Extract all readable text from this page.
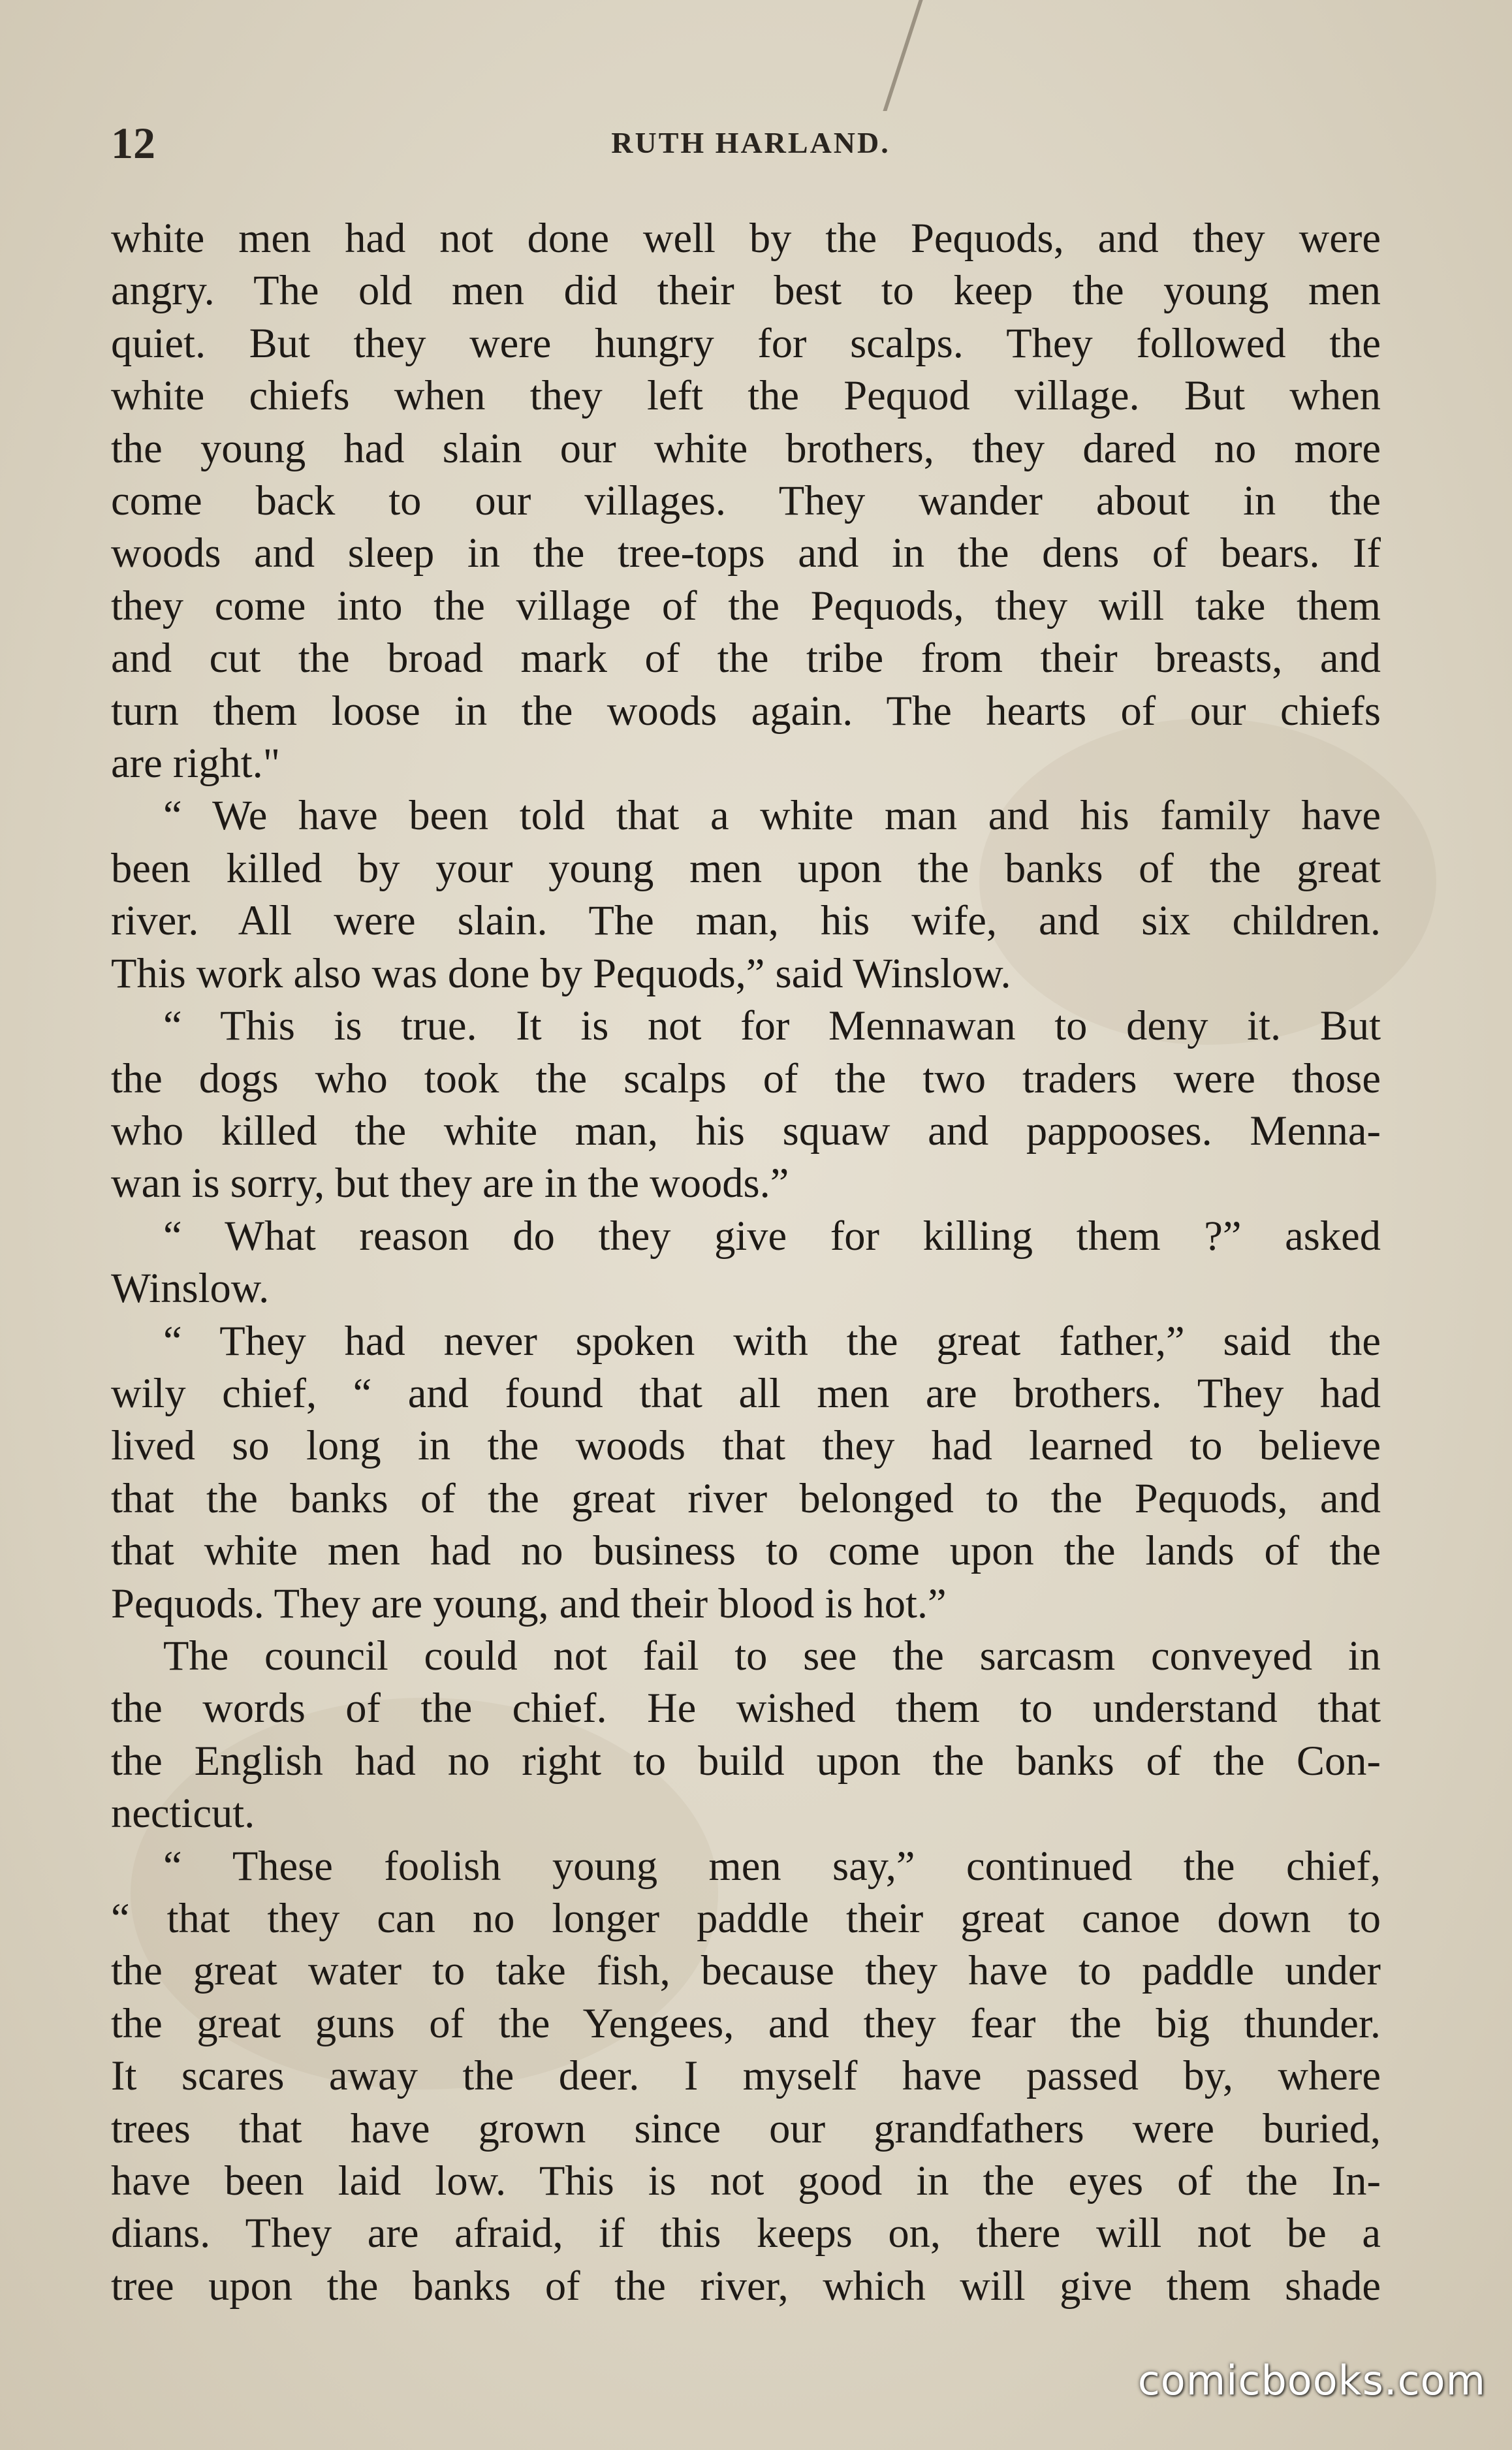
12	RUTH HARLAND.

white men had not done well by the Pequods, and they were

angry. The old men did their best to keep the young men

quiet. But they were hungry for scalps. They followed the

white chiefs when they left the Pequod village. But when

the young had slain our white brothers, they dared no more

come back to our villages. They wander about in the

woods and sleep in the tree-tops and in the dens of bears. If

they come into the village of the Pequods, they will take them

and cut the broad mark of the tribe from their breasts, and

turn them loose in the woods again. The hearts of our chiefs

are right."

“ We have been told that a white man and his family have

been killed by your young men upon the banks of the great

river. All were slain. The man, his wife, and six children.

This work also was done by Pequods,” said Winslow.

“ This is true. It is not for Mennawan to deny it. But

the dogs who took the scalps of the two traders were those

who killed the white man, his squaw and pappooses. Menna-

wan is sorry, but they are in the woods.”

“ What reason do they give for killing them ?” asked

Winslow.

“ They had never spoken with the great father,” said the

wily chief, “ and found that all men are brothers. They had

lived so long in the woods that they had learned to believe

that the banks of the great river belonged to the Pequods, and

that white men had no business to come upon the lands of the

Pequods. They are young, and their blood is hot.”

The council could not fail to see the sarcasm conveyed in

the words of the chief. He wished them to understand that

the English had no right to build upon the banks of the Con-

necticut.

“ These foolish young men say,” continued the chief,

“ that they can no longer paddle their great canoe down to

the great water to take fish, because they have to paddle under

the great guns of the Yengees, and they fear the big thunder.

It scares away the deer. I myself have passed by, where

trees that have grown since our grandfathers were buried,

have been laid low. This is not good in the eyes of the In-

dians. They are afraid, if this keeps on, there will not be a

tree upon the banks of the river, which will give them shade

comicbooks.com
